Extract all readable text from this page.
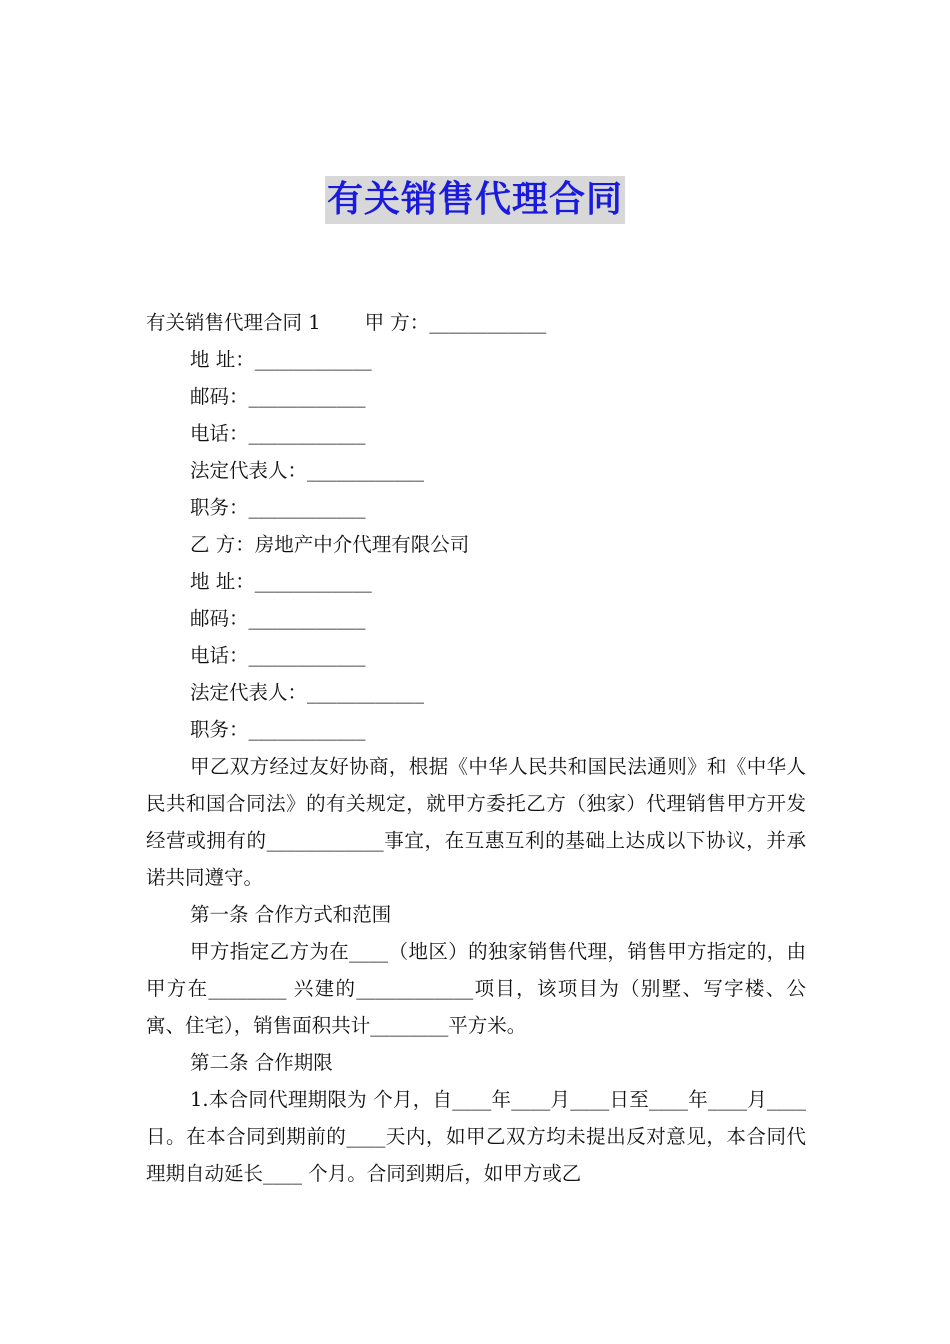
有关销售代理合同
有关销售代理合同 1 甲 方：____________
地 址：____________
邮码：____________
电话：____________
法定代表人：____________
职务：____________
乙 方：房地产中介代理有限公司
地 址：____________
邮码：____________
电话：____________
法定代表人：____________
职务：____________
甲乙双方经过友好协商，根据《中华人民共和国民法通则》和《中华人民共和国合同法》的有关规定，就甲方委托乙方（独家）代理销售甲方开发经营或拥有的____________事宜，在互惠互利的基础上达成以下协议，并承诺共同遵守。
第一条 合作方式和范围
甲方指定乙方为在____（地区）的独家销售代理，销售甲方指定的，由甲方在________ 兴建的____________项目，该项目为（别墅、写字楼、公寓、住宅），销售面积共计________平方米。
第二条 合作期限
1.本合同代理期限为 个月，自____年____月____日至____年____月____日。在本合同到期前的____天内，如甲乙双方均未提出反对意见，本合同代理期自动延长____ 个月。合同到期后，如甲方或乙
